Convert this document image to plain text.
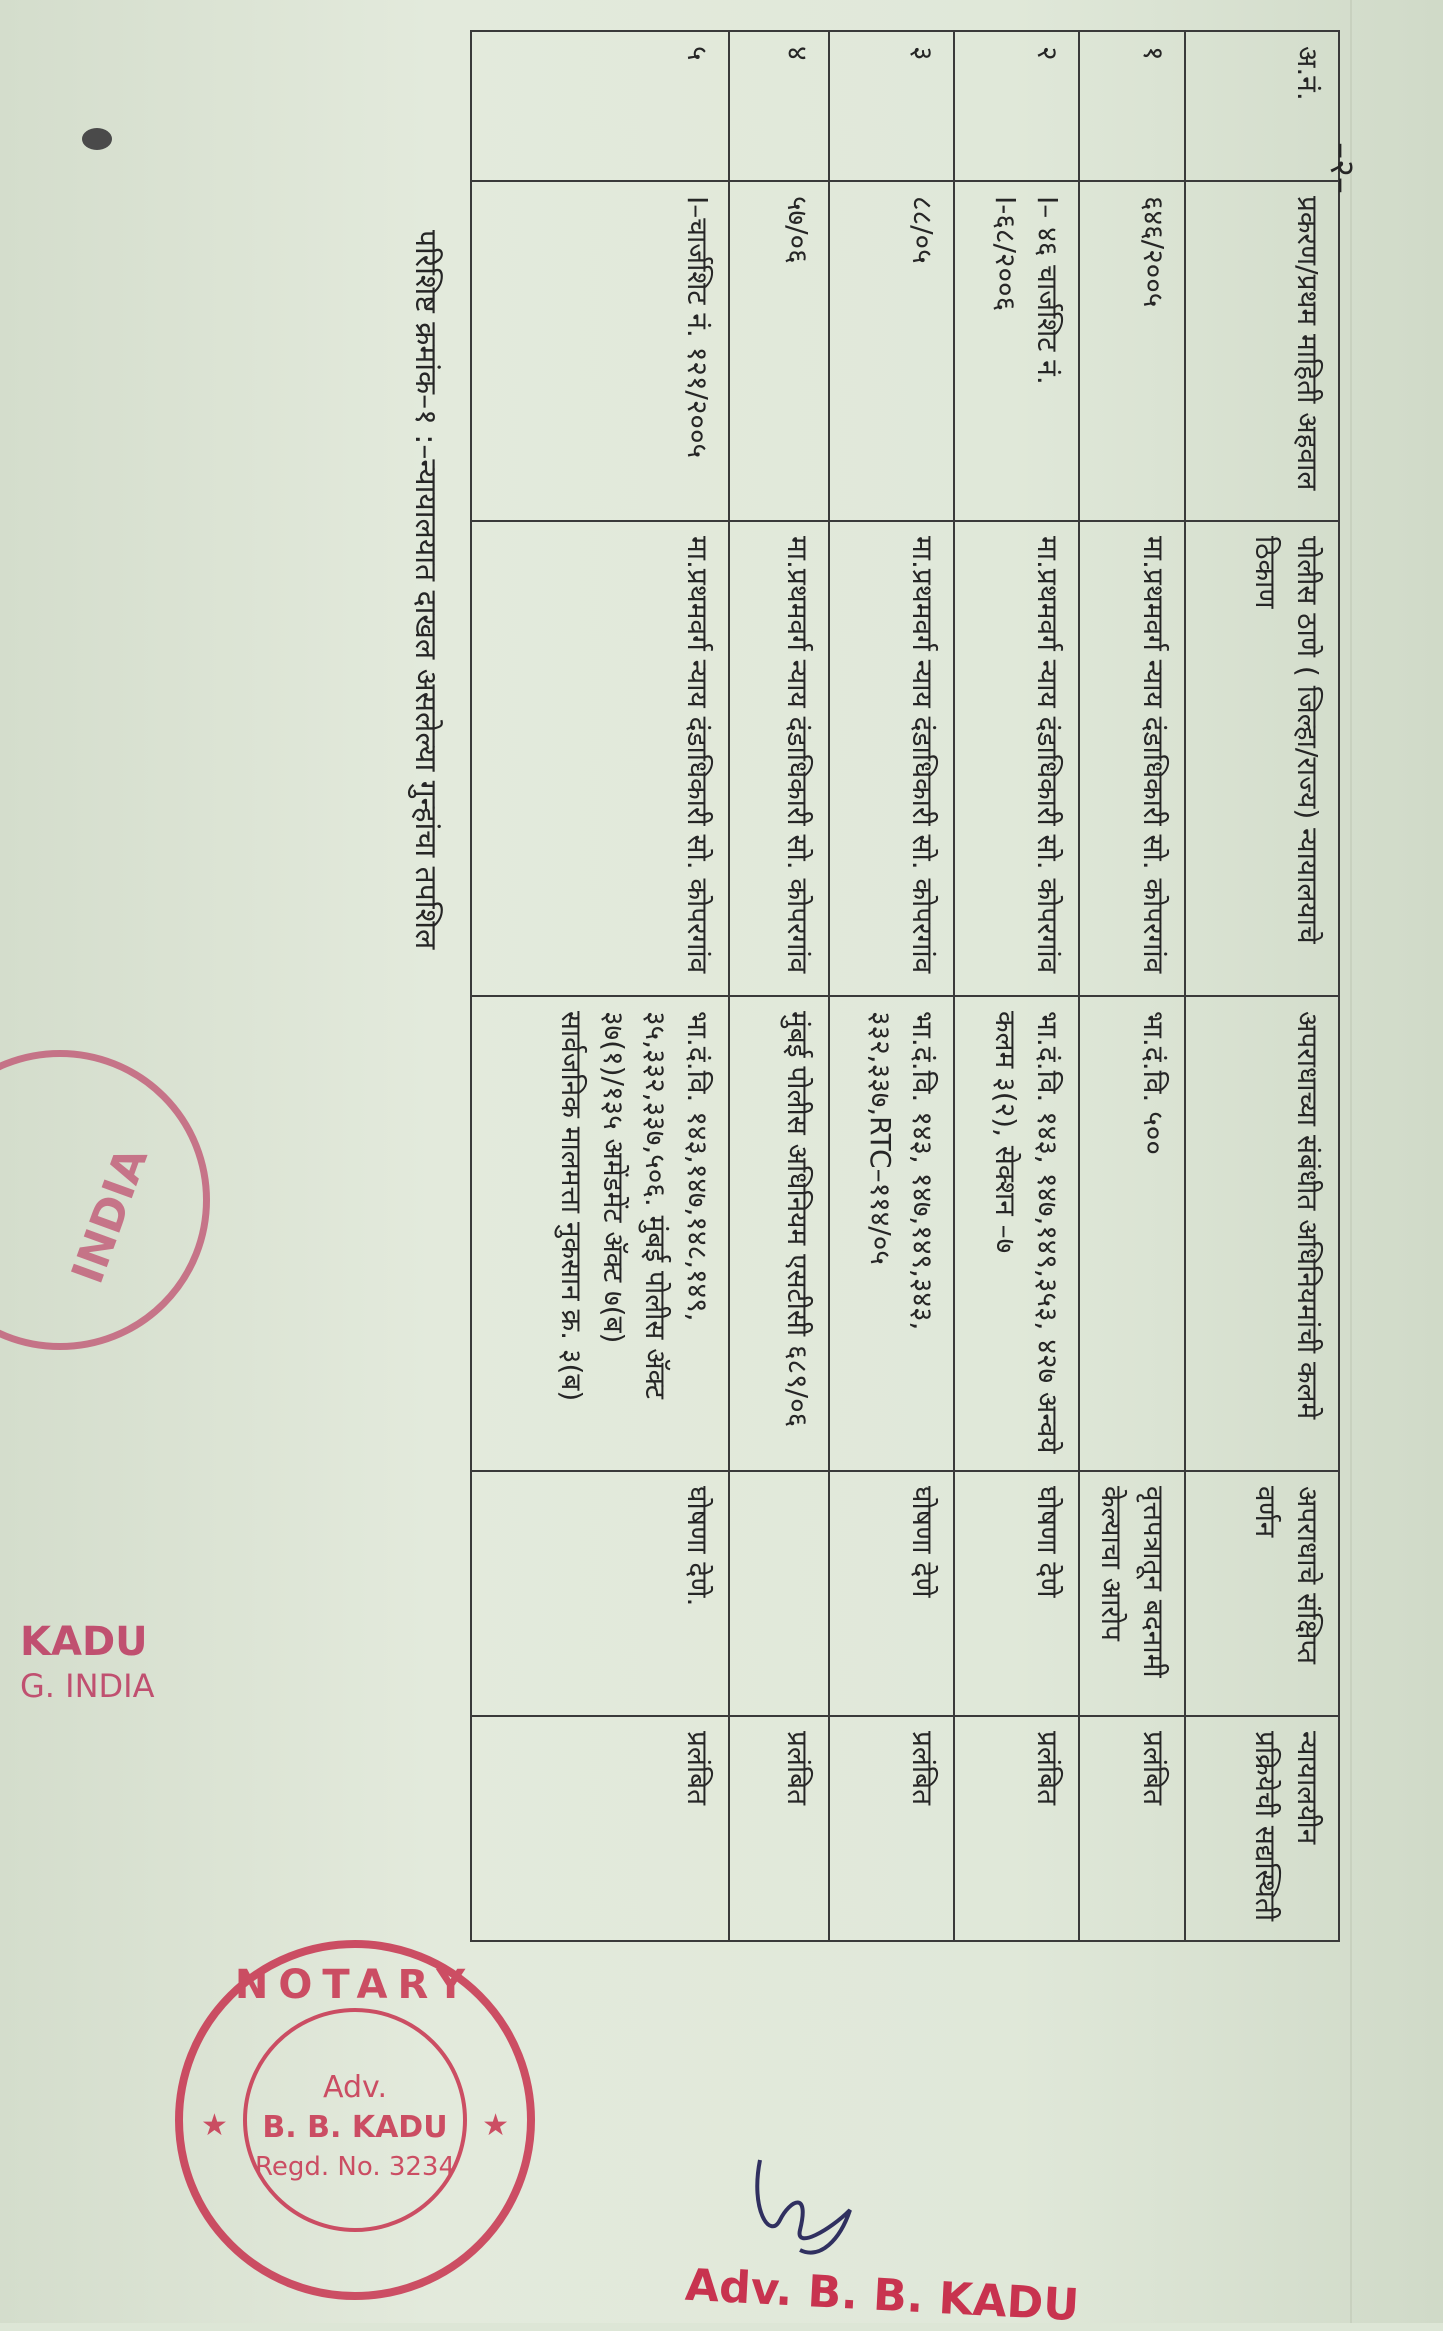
अ.नं.	प्रकरण/प्रथम माहिती अहवाल	पोलीस ठाणे ( जिल्हा/राज्य) न्यायालयाचे ठिकाण	अपराधाच्या संबंधीत अधिनियमांची कलमे	अपराधाचे संक्षिप्त वर्णन	न्यायालयीन प्रक्रियेची सद्यस्थिती
१	६४६/२००५	मा.प्रथमवर्ग न्याय दंडाधिकारी सो. कोपरगांव	भा.दं.वि. ५००	वृत्तपत्रातून बदनामी केल्याचा आरोप	प्रलंबित
२	I– ४६ चार्जशिट नं. I-६८/२००६	मा.प्रथमवर्ग न्याय दंडाधिकारी सो. कोपरगांव	भा.दं.वि. १४३, १४७,१४९,३५३, ४२७ अन्वये कलम ३(२), सेक्शन –७	घोषणा देणे	प्रलंबित
३	८८/०५	मा.प्रथमवर्ग न्याय दंडाधिकारी सो. कोपरगांव	भा.दं.वि. १४३, १४७,१४९,३४३, ३३२,३३७,RTC–११४/०५	घोषणा देणे	प्रलंबित
४	५७/०६	मा.प्रथमवर्ग न्याय दंडाधिकारी सो. कोपरगांव	मुंबई पोलीस अधिनियम एसटीसी ६८९/०६		प्रलंबित
५	I–चार्जशिट नं. १२१/२००५	मा.प्रथमवर्ग न्याय दंडाधिकारी सो. कोपरगांव	भा.दं.वि. १४३,१४७,१४८,१४९, ३५,३३२,३३७,५०६. मुंबई पोलीस ॲक्ट ३७(१)/१३५ अमेंडमेंट ॲक्ट ७(ब) सार्वजनिक मालमत्ता नुकसान क्र. ३(ब)	घोषणा देणे.	प्रलंबित
परिशिष्ट क्रमांक–१ :–न्यायालयात दाखल असलेल्या गुन्हांचा तपशिल
–२–
INDIA
KADU
G. INDIA
NOTARY
★	★
Adv.
B. B. KADU
Regd. No. 3234
Adv. B. B. KADU
